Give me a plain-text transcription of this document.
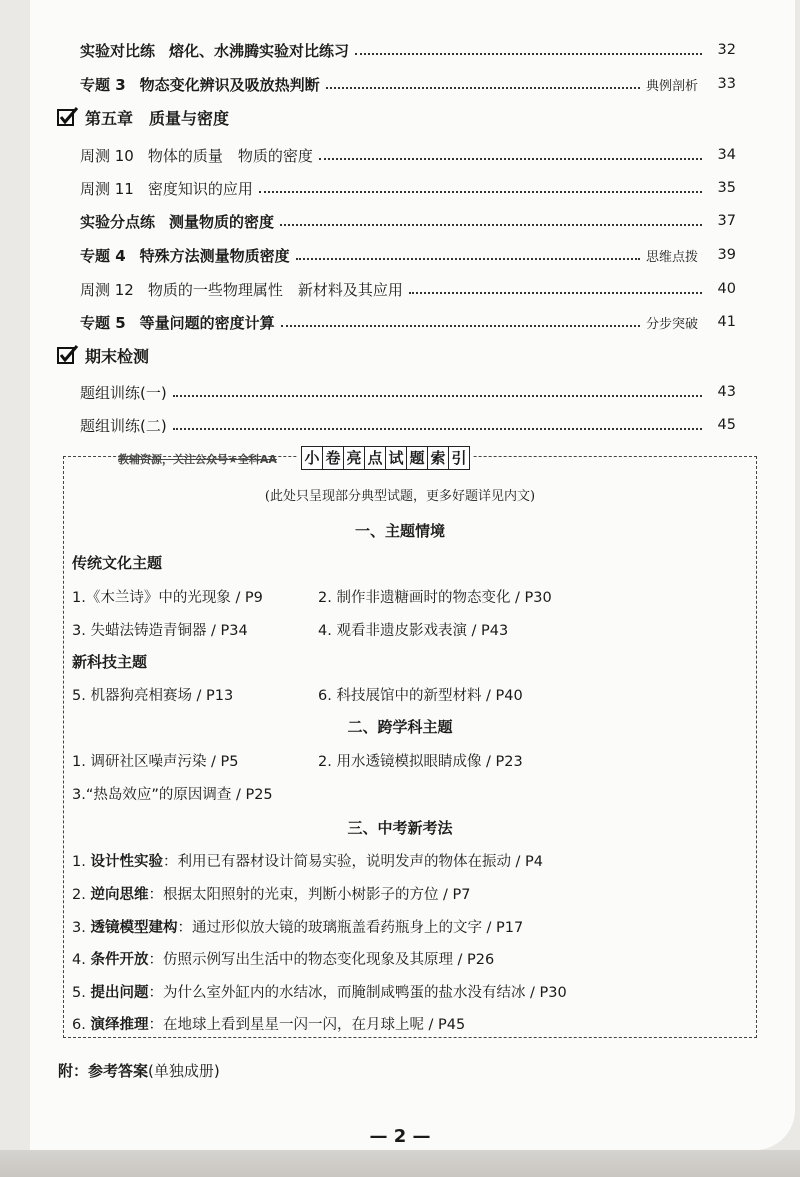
实验对比练 熔化、水沸腾实验对比练习	32
专题 3 物态变化辨识及吸放热判断	典例剖析	33
第五章　质量与密度
周测 10 物体的质量　物质的密度	34
周测 11 密度知识的应用	35
实验分点练 测量物质的密度	37
专题 4 特殊方法测量物质密度	思维点拨	39
周测 12 物质的一些物理属性　新材料及其应用	40
专题 5 等量问题的密度计算	分步突破	41
期末检测
题组训练(一)	43
题组训练(二)	45
教辅资源，关注公众号★全科AA 小 卷 亮 点 试 题 索 引
(此处只呈现部分典型试题，更多好题详见内文)
一、主题情境
传统文化主题
1.《木兰诗》中的光现象 / P9	2. 制作非遗糖画时的物态变化 / P30
3. 失蜡法铸造青铜器 / P34	4. 观看非遗皮影戏表演 / P43
新科技主题
5. 机器狗亮相赛场 / P13	6. 科技展馆中的新型材料 / P40
二、跨学科主题
1. 调研社区噪声污染 / P5	2. 用水透镜模拟眼睛成像 / P23
3.“热岛效应”的原因调查 / P25
三、中考新考法
1. 设计性实验：利用已有器材设计简易实验，说明发声的物体在振动 / P4
2. 逆向思维：根据太阳照射的光束，判断小树影子的方位 / P7
3. 透镜模型建构：通过形似放大镜的玻璃瓶盖看药瓶身上的文字 / P17
4. 条件开放：仿照示例写出生活中的物态变化现象及其原理 / P26
5. 提出问题：为什么室外缸内的水结冰，而腌制咸鸭蛋的盐水没有结冰 / P30
6. 演绎推理：在地球上看到星星一闪一闪，在月球上呢 / P45
附：参考答案(单独成册)
— 2 —
